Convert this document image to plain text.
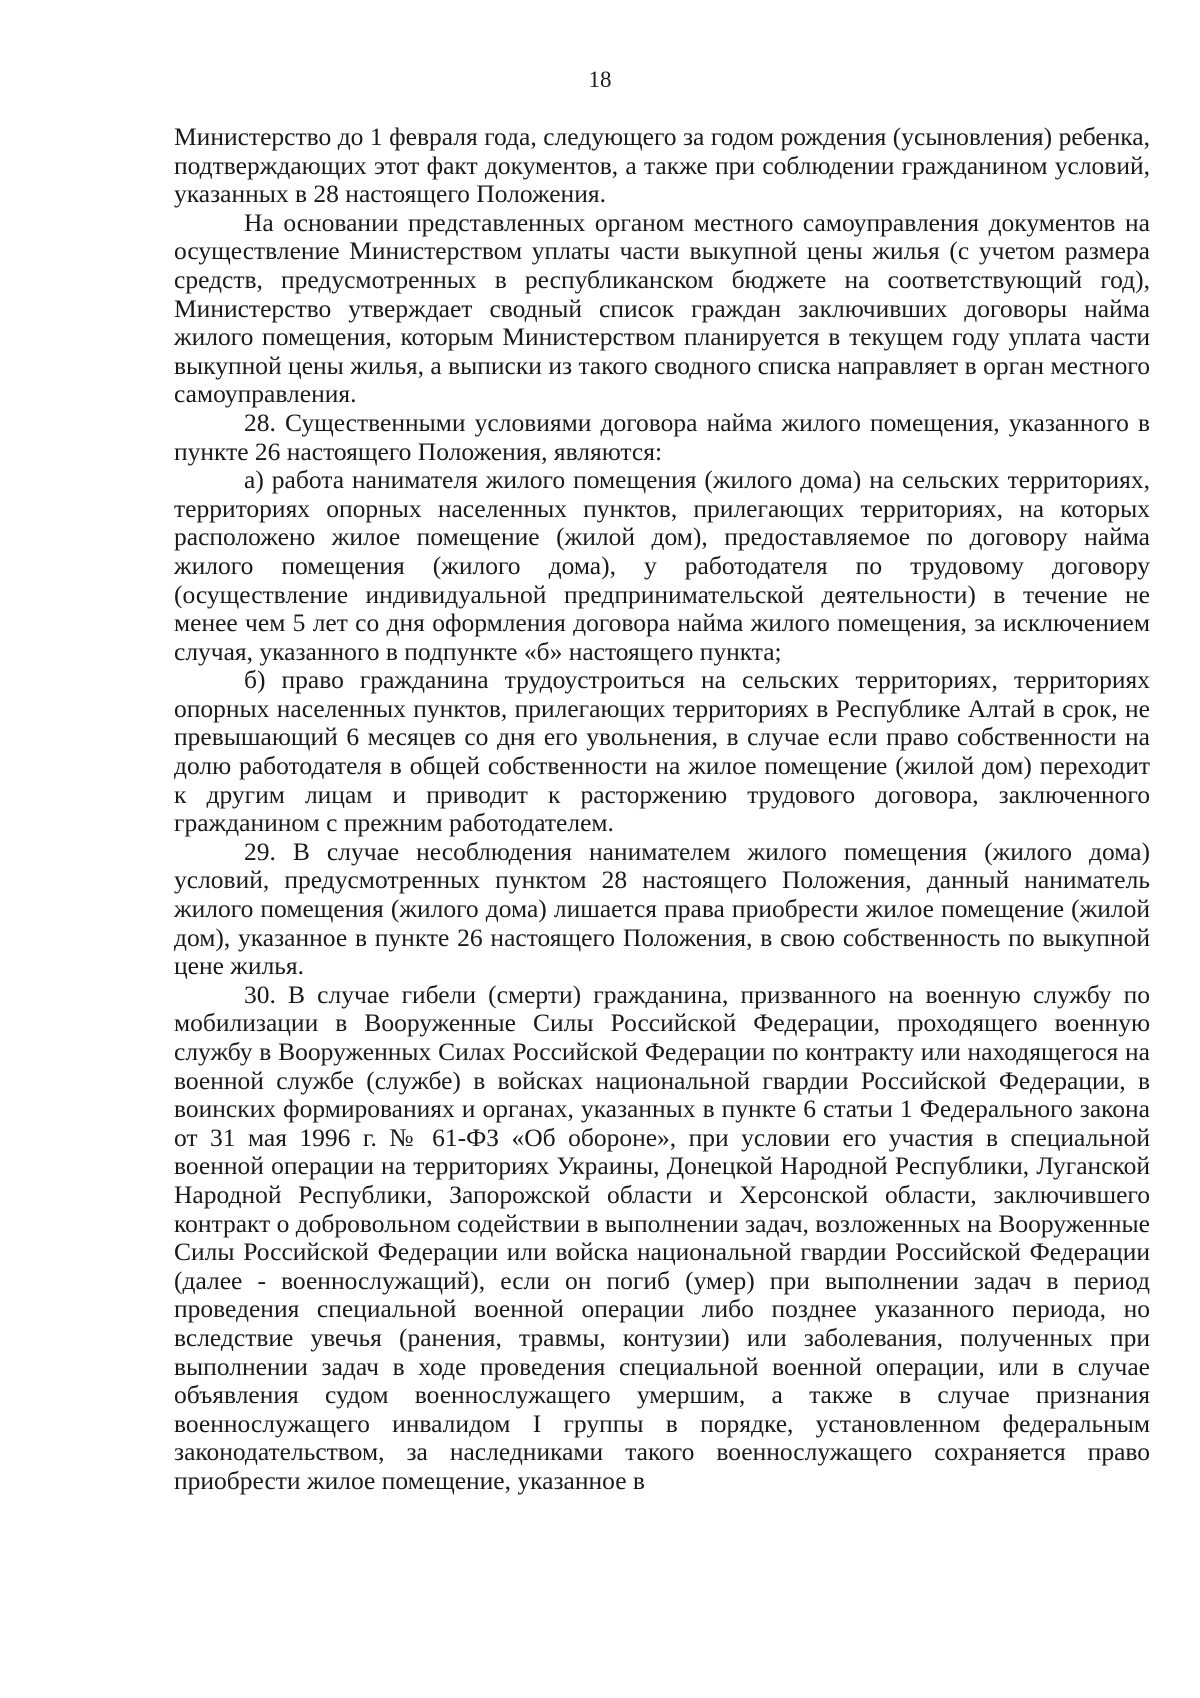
18

Министерство до 1 февраля года, следующего за годом рождения (усыновления) ребенка, подтверждающих этот факт документов, а также при соблюдении гражданином условий, указанных в 28 настоящего Положения.

На основании представленных органом местного самоуправления документов на осуществление Министерством уплаты части выкупной цены жилья (с учетом размера средств, предусмотренных в республиканском бюджете на соответствующий год), Министерство утверждает сводный список граждан заключивших договоры найма жилого помещения, которым Министерством планируется в текущем году уплата части выкупной цены жилья, а выписки из такого сводного списка направляет в орган местного самоуправления.

28. Существенными условиями договора найма жилого помещения, указанного в пункте 26 настоящего Положения, являются:

а) работа нанимателя жилого помещения (жилого дома) на сельских территориях, территориях опорных населенных пунктов, прилегающих территориях, на которых расположено жилое помещение (жилой дом), предоставляемое по договору найма жилого помещения (жилого дома), у работодателя по трудовому договору (осуществление индивидуальной предпринимательской деятельности) в течение не менее чем 5 лет со дня оформления договора найма жилого помещения, за исключением случая, указанного в подпункте «б» настоящего пункта;

б) право гражданина трудоустроиться на сельских территориях, территориях опорных населенных пунктов, прилегающих территориях в Республике Алтай в срок, не превышающий 6 месяцев со дня его увольнения, в случае если право собственности на долю работодателя в общей собственности на жилое помещение (жилой дом) переходит к другим лицам и приводит к расторжению трудового договора, заключенного гражданином с прежним работодателем.

29. В случае несоблюдения нанимателем жилого помещения (жилого дома) условий, предусмотренных пунктом 28 настоящего Положения, данный наниматель жилого помещения (жилого дома) лишается права приобрести жилое помещение (жилой дом), указанное в пункте 26 настоящего Положения, в свою собственность по выкупной цене жилья.

30. В случае гибели (смерти) гражданина, призванного на военную службу по мобилизации в Вооруженные Силы Российской Федерации, проходящего военную службу в Вооруженных Силах Российской Федерации по контракту или находящегося на военной службе (службе) в войсках национальной гвардии Российской Федерации, в воинских формированиях и органах, указанных в пункте 6 статьи 1 Федерального закона от 31 мая 1996 г. № 61-ФЗ «Об обороне», при условии его участия в специальной военной операции на территориях Украины, Донецкой Народной Республики, Луганской Народной Республики, Запорожской области и Херсонской области, заключившего контракт о добровольном содействии в выполнении задач, возложенных на Вооруженные Силы Российской Федерации или войска национальной гвардии Российской Федерации (далее - военнослужащий), если он погиб (умер) при выполнении задач в период проведения специальной военной операции либо позднее указанного периода, но вследствие увечья (ранения, травмы, контузии) или заболевания, полученных при выполнении задач в ходе проведения специальной военной операции, или в случае объявления судом военнослужащего умершим, а также в случае признания военнослужащего инвалидом I группы в порядке, установленном федеральным законодательством, за наследниками такого военнослужащего сохраняется право приобрести жилое помещение, указанное в
